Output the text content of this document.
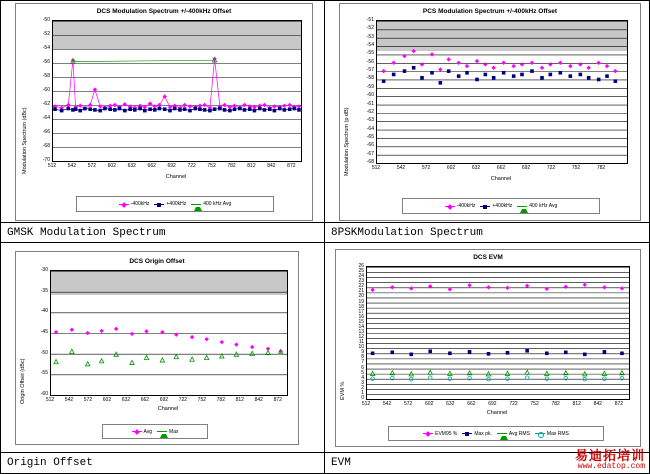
DCS Modulation Spectrum +/-400kHz Offset
Modulation Spectrum (dBc)
-50
-52
-54
-56
-58
-60
-62
-64
-66
-68
-70
512	542	572	602	632	662	692	722	752	782	812	842	872
Channel
-400kHz	+400kHz	400 kHz Avg
PCS Modulation Spectrum +/-400kHz Offset
Modulation Spectrum (p dB)
-51
-52
-53
-54
-55
-56
-57
-58
-59
-60
-61
-62
-63
-64
-65
-66
-67
-68
512	542	572	602	632	662	692	722	752	782
Channel
-400kHz	+400kHz	400 kHz Avg
GMSK Modulation Spectrum	8PSKModulation Spectrum
DCS Origin Offset
Origin Offset (dBc)
-30
-35
-40
-45
-50
-55
-60
512	542	572	602	632	662	692	722	752	782	812	842	872
Channel
Avg	Max
DCS EVM
EVM %
26
25
24
23
22
21
20
19
18
17
16
15
14
13
12
11
10
9
8
7
6
5
4
3
2
1
0
512	542	572	602	632	662	692	722	752	782	812	842	872
Channel
EVM95 %	Max pk.	Avg RMS	Max RMS
Origin Offset	EVM
易迪拓培训
www.edatop.com
